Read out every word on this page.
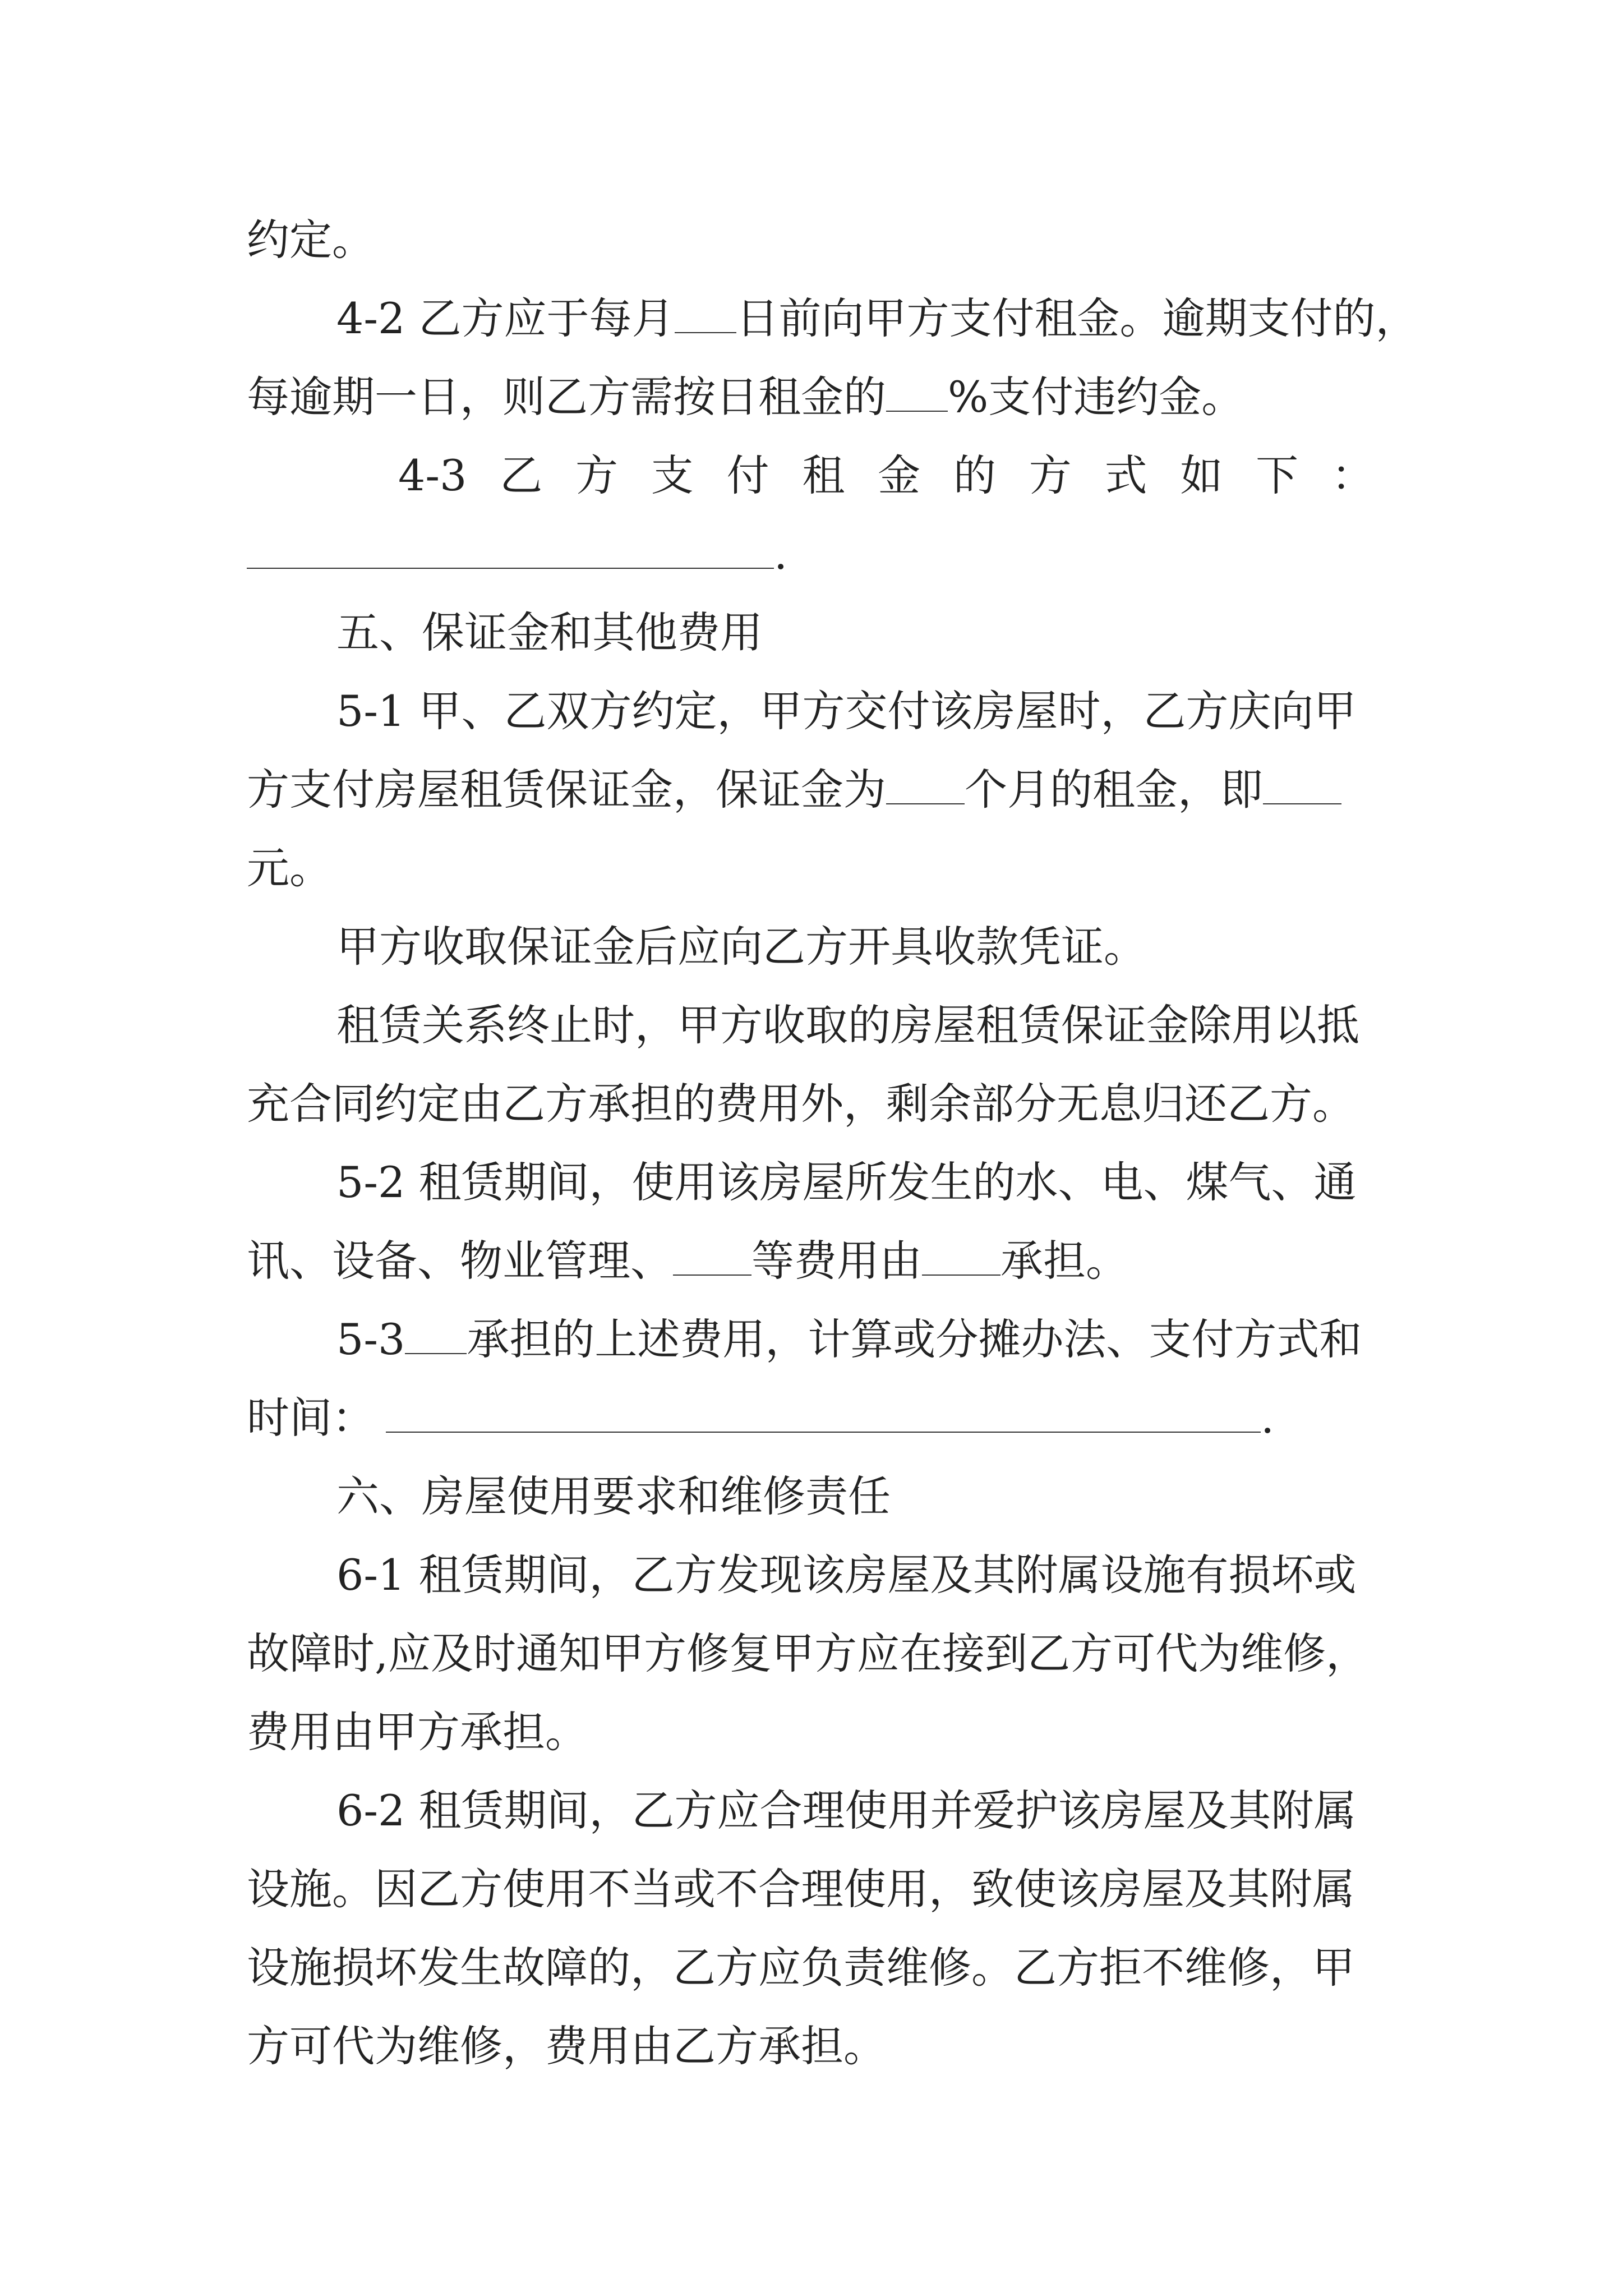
约定。
4-2 乙方应于每月 日前向甲方支付租金。逾期支付的，
每逾期一日，则乙方需按日租金的 %支付违约金。
4-3 乙 方 支 付 租 金 的 方 式 如 下 ：
.
五、保证金和其他费用
5-1 甲、乙双方约定，甲方交付该房屋时，乙方庆向甲
方支付房屋租赁保证金，保证金为 个月的租金，即
元。
甲方收取保证金后应向乙方开具收款凭证。
租赁关系终止时，甲方收取的房屋租赁保证金除用以抵
充合同约定由乙方承担的费用外，剩余部分无息归还乙方。
5-2 租赁期间，使用该房屋所发生的水、电、煤气、通
讯、设备、物业管理、 等费用由 承担。
5-3 承担的上述费用，计算或分摊办法、支付方式和
时间：	.
六、房屋使用要求和维修责任
6-1 租赁期间，乙方发现该房屋及其附属设施有损坏或
故障时,应及时通知甲方修复甲方应在接到乙方可代为维修，
费用由甲方承担。
6-2 租赁期间，乙方应合理使用并爱护该房屋及其附属
设施。因乙方使用不当或不合理使用，致使该房屋及其附属
设施损坏发生故障的，乙方应负责维修。乙方拒不维修，甲
方可代为维修，费用由乙方承担。
